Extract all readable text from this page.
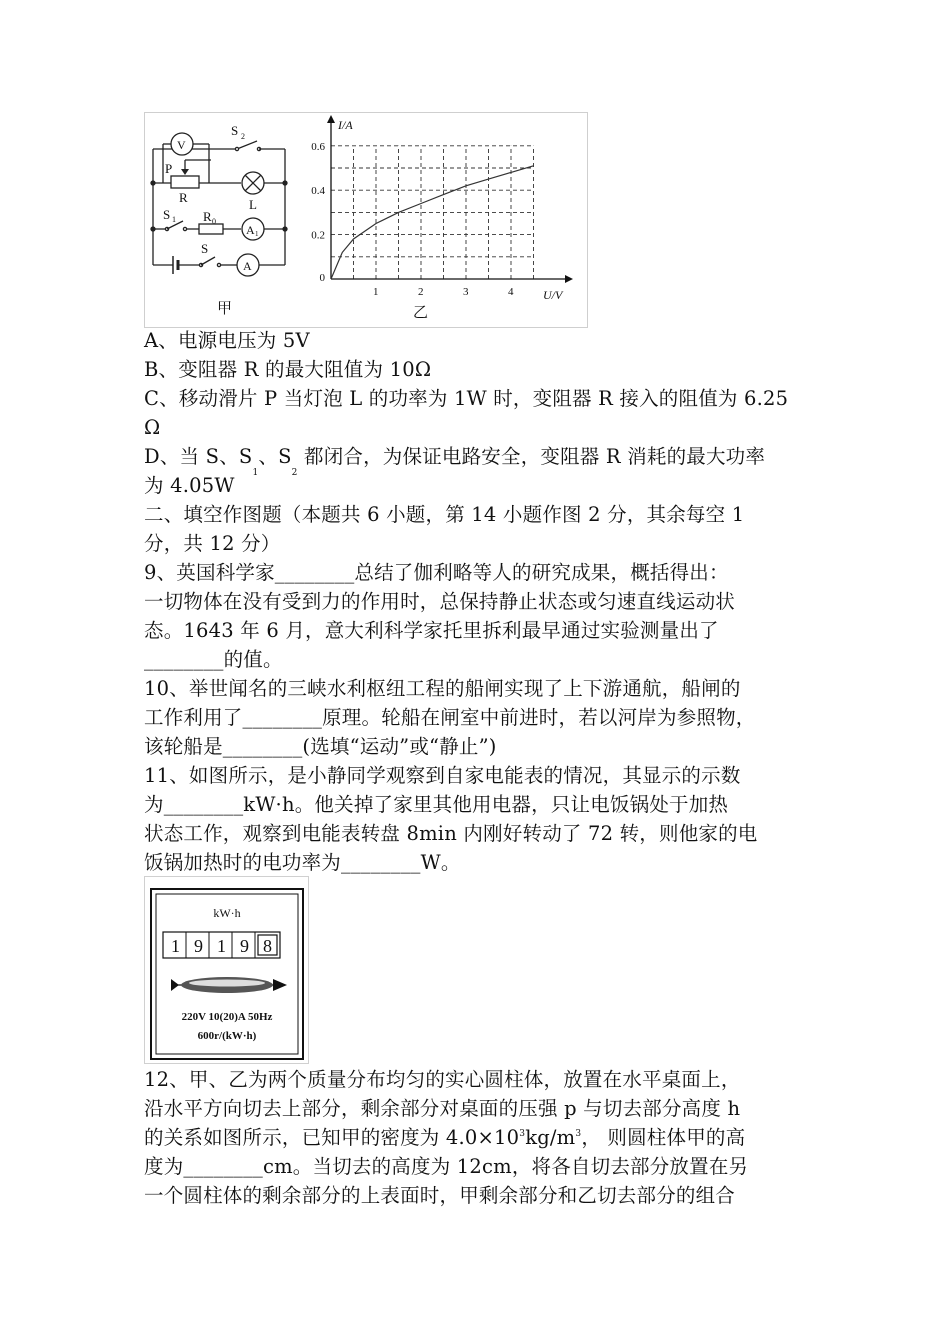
S 2
V
P
R	L
S 1 R 0
A 1
S
A
甲	乙
1	2	3	4
0
0.2
0.4
0.6
I/A
U/V
A、电源电压为 5V
B、变阻器 R 的最大阻值为 10Ω
C、移动滑片 P 当灯泡 L 的功率为 1W 时，变阻器 R 接入的阻值为 6.25
Ω
D、当 S、$S_1$、$S_2$ 都闭合，为保证电路安全，变阻器 R 消耗的最大功率
为 4.05W
二、填空作图题（本题共 6 小题，第 14 小题作图 2 分，其余每空 1
分，共 12 分）
9、英国科学家________总结了伽利略等人的研究成果，概括得出：
一切物体在没有受到力的作用时，总保持静止状态或匀速直线运动状
态。1643 年 6 月，意大利科学家托里拆利最早通过实验测量出了
________的值。
10、举世闻名的三峡水利枢纽工程的船闸实现了上下游通航，船闸的
工作利用了________原理。轮船在闸室中前进时，若以河岸为参照物，
该轮船是________(选填“运动”或“静止”)
11、如图所示，是小静同学观察到自家电能表的情况，其显示的示数
为________kW·h。他关掉了家里其他用电器，只让电饭锅处于加热
状态工作，观察到电能表转盘 8min 内刚好转动了 72 转，则他家的电
饭锅加热时的电功率为________W。
kW·h
1 9 1 9 8
220V 10(20)A 50Hz
600r/(kW·h)
12、甲、乙为两个质量分布均匀的实心圆柱体，放置在水平桌面上，
沿水平方向切去上部分，剩余部分对桌面的压强 p 与切去部分高度 h
的关系如图所示，已知甲的密度为 $4.0\times 10^3kg/m^3$， 则圆柱体甲的高
度为________cm。当切去的高度为 12cm，将各自切去部分放置在另
一个圆柱体的剩余部分的上表面时，甲剩余部分和乙切去部分的组合
